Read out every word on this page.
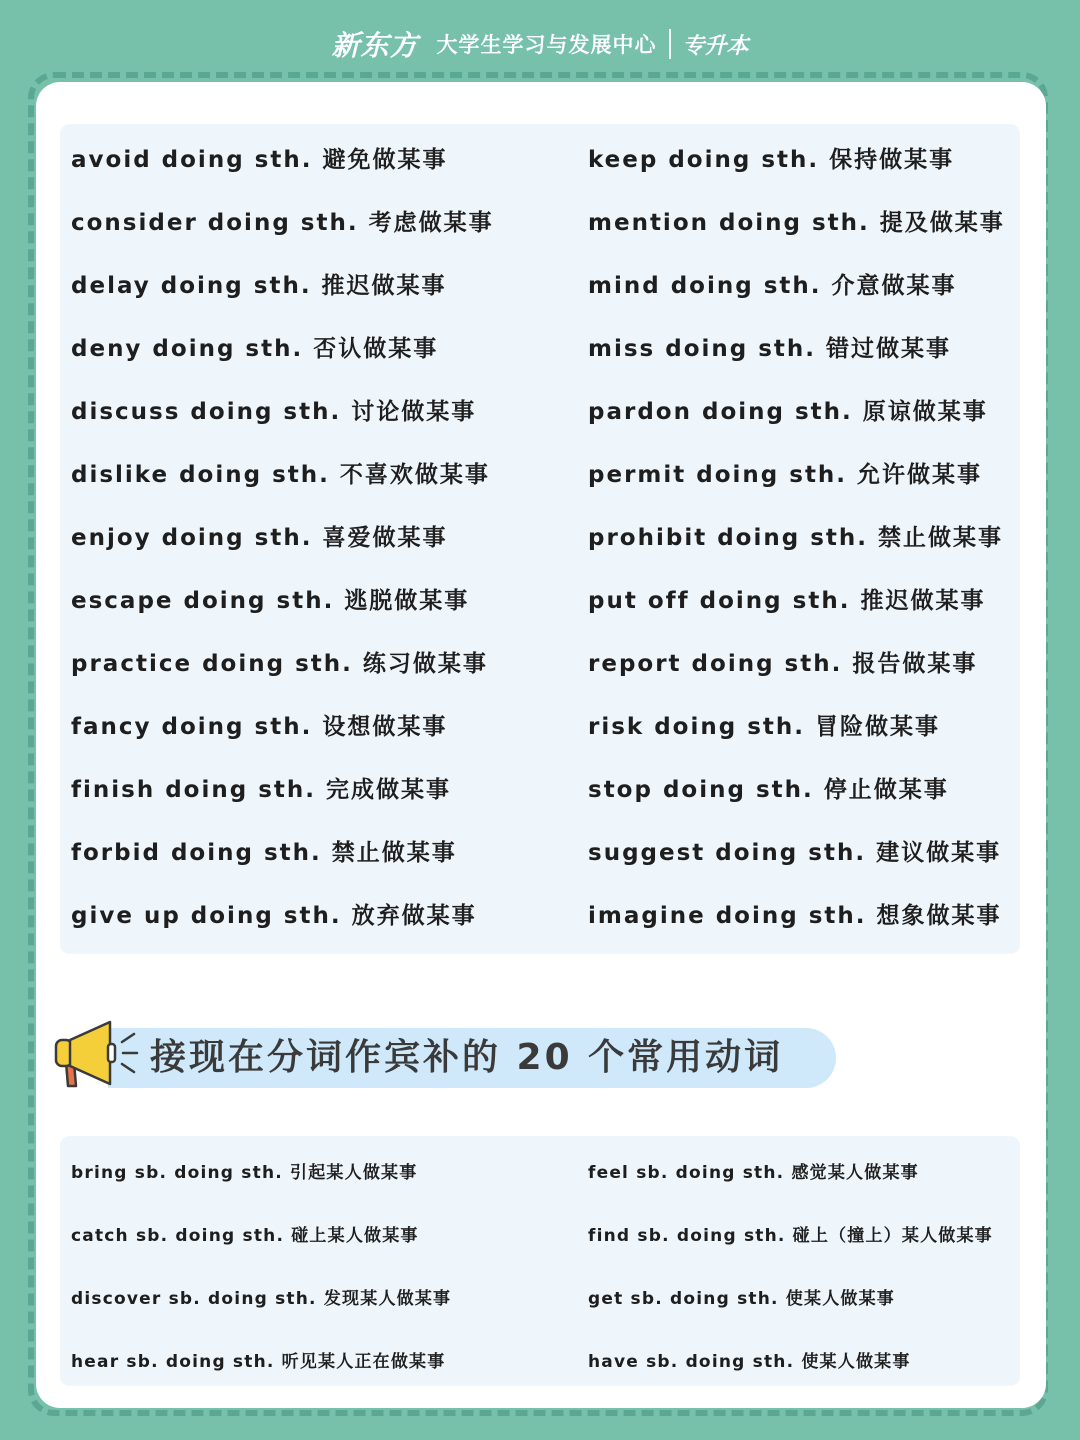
新东方 大学生学习与发展中心 专升本
avoid doing sth. 避免做某事
consider doing sth. 考虑做某事
delay doing sth. 推迟做某事
deny doing sth. 否认做某事
discuss doing sth. 讨论做某事
dislike doing sth. 不喜欢做某事
enjoy doing sth. 喜爱做某事
escape doing sth. 逃脱做某事
practice doing sth. 练习做某事
fancy doing sth. 设想做某事
finish doing sth. 完成做某事
forbid doing sth. 禁止做某事
give up doing sth. 放弃做某事
keep doing sth. 保持做某事
mention doing sth. 提及做某事
mind doing sth. 介意做某事
miss doing sth. 错过做某事
pardon doing sth. 原谅做某事
permit doing sth. 允许做某事
prohibit doing sth. 禁止做某事
put off doing sth. 推迟做某事
report doing sth. 报告做某事
risk doing sth. 冒险做某事
stop doing sth. 停止做某事
suggest doing sth. 建议做某事
imagine doing sth. 想象做某事
接现在分词作宾补的 20 个常用动词
bring sb. doing sth. 引起某人做某事
catch sb. doing sth. 碰上某人做某事
discover sb. doing sth. 发现某人做某事
hear sb. doing sth. 听见某人正在做某事
feel sb. doing sth. 感觉某人做某事
find sb. doing sth. 碰上（撞上）某人做某事
get sb. doing sth. 使某人做某事
have sb. doing sth. 使某人做某事
